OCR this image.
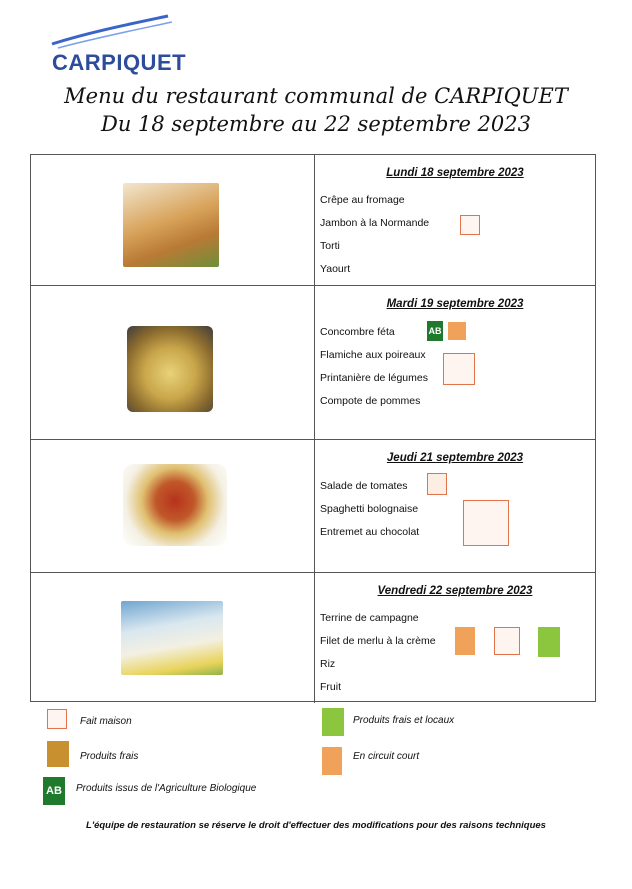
CARPIQUET
Menu du restaurant communal de CARPIQUET
Du 18 septembre au 22 septembre 2023
Lundi 18 septembre 2023
Crêpe au fromage
Jambon à la Normande
Torti
Yaourt
Mardi 19 septembre 2023
Concombre féta
Flamiche aux poireaux
Printanière de légumes
Compote de pommes
AB
Jeudi 21 septembre 2023
Salade de tomates
Spaghetti bolognaise
Entremet au chocolat
Vendredi 22 septembre 2023
Terrine de campagne
Filet de merlu à la crème
Riz
Fruit
Fait maison	Produits frais et locaux
Produits frais	En circuit court
AB	Produits issus de l'Agriculture Biologique
L'équipe de restauration se réserve le droit d'effectuer des modifications pour des raisons techniques
